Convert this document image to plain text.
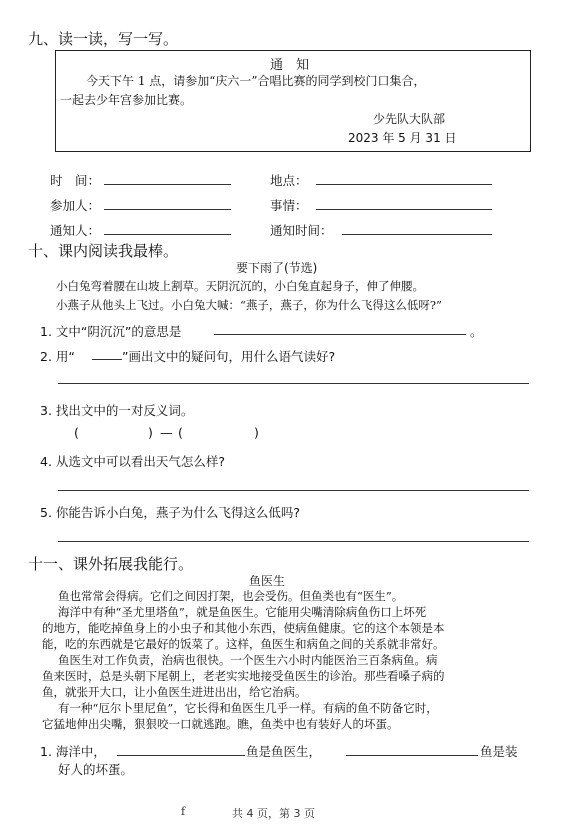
九、读一读，写一写。
通　知
今天下午 1 点，请参加“庆六一”合唱比赛的同学到校门口集合，
一起去少年宫参加比赛。
少先队大队部
2023 年 5 月 31 日
时　间：	地点：
参加人：	事情：
通知人：	通知时间：
十、课内阅读我最棒。
要下雨了(节选)
小白兔弯着腰在山坡上割草。天阴沉沉的，小白兔直起身子，伸了伸腰。
小燕子从他头上飞过。小白兔大喊：“燕子，燕子，你为什么飞得这么低呀?”
1. 文中“阴沉沉”的意思是	。
2. 用“	”画出文中的疑问句，用什么语气读好?
3. 找出文中的一对反义词。
(	) — (	)
4. 从选文中可以看出天气怎么样?
5. 你能告诉小白兔，燕子为什么飞得这么低吗?
十一、课外拓展我能行。
鱼医生
鱼也常常会得病。它们之间因打架，也会受伤。但鱼类也有“医生”。
海洋中有种“圣尤里塔鱼”，就是鱼医生。它能用尖嘴清除病鱼伤口上坏死
的地方，能吃掉鱼身上的小虫子和其他小东西，使病鱼健康。它的这个本领是本
能，吃的东西就是它最好的饭菜了。这样，鱼医生和病鱼之间的关系就非常好。
鱼医生对工作负责，治病也很快。一个医生六小时内能医治三百条病鱼。病
鱼来医时，总是头朝下尾朝上，老老实实地接受鱼医生的诊治。那些看嗓子病的
鱼，就张开大口，让小鱼医生进进出出，给它治病。
有一种“厄尔卜里尼鱼”，它长得和鱼医生几乎一样。有病的鱼不防备它时，
它猛地伸出尖嘴，狠狠咬一口就逃跑。瞧，鱼类中也有装好人的坏蛋。
1. 海洋中，	鱼是鱼医生，	鱼是装
好人的坏蛋。
f	共 4 页，第 3 页
